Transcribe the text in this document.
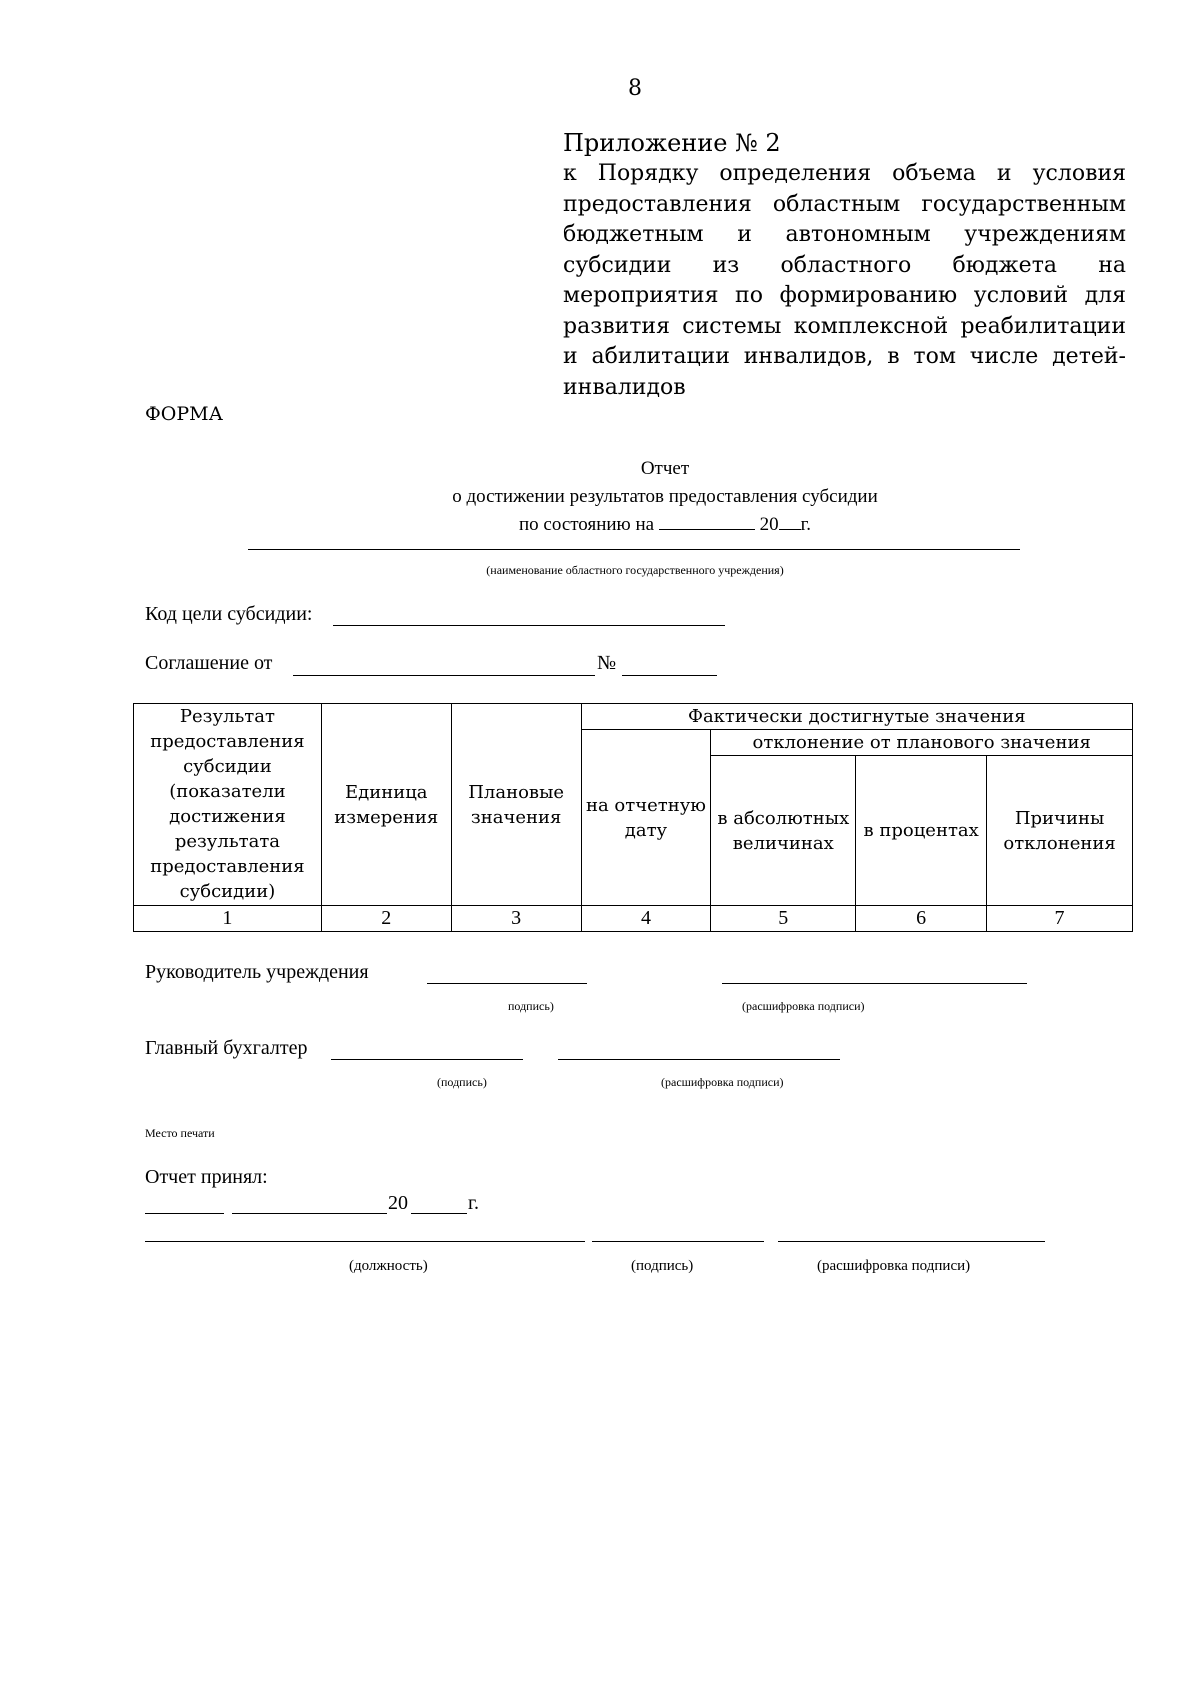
8
Приложение № 2
к Порядку определения объема и условия предоставления областным государственным бюджетным и автономным учреждениям субсидии из областного бюджета на мероприятия по формированию условий для развития системы комплексной реабилитации и абилитации инвалидов, в том числе детей-инвалидов
ФОРМА
Отчет
о достижении результатов предоставления субсидии
по состоянию на	20 г.
(наименование областного государственного учреждения)
Код цели субсидии:
Соглашение от	№
Результат предоставления субсидии (показатели достижения результата предоставления субсидии)	Единица измерения	Плановые значения	Фактически достигнутые значения			
			на отчетную дату	отклонение от планового значения		
				в абсолютных величинах	в процентах	Причины отклонения
1	2	3	4	5	6	7
Руководитель учреждения
подпись)	(расшифровка подписи)
Главный бухгалтер
(подпись)	(расшифровка подписи)
Место печати
Отчет принял:
20	г.
(должность)	(подпись)	(расшифровка подписи)
